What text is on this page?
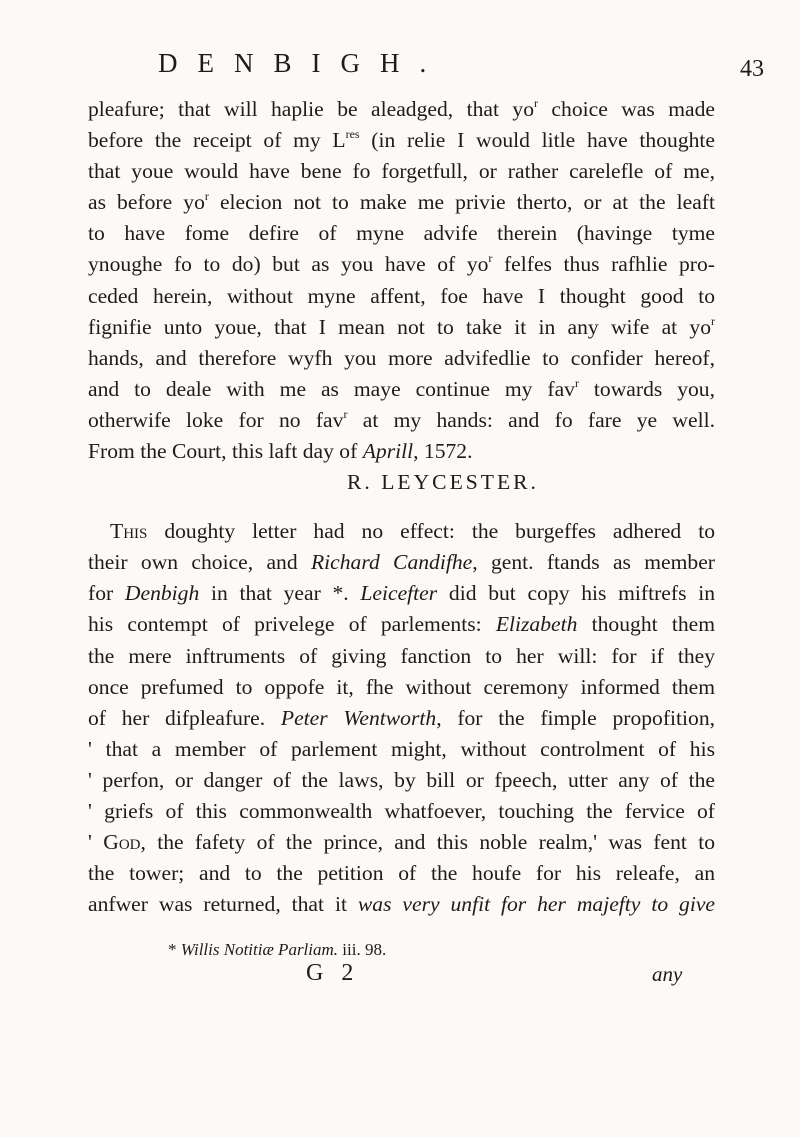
DENBIGH.	43
pleafure; that will haplie be aleadged, that $yo^r$ choice was made
before the receipt of my Lres (in relie I would litle have thoughte
that youe would have bene fo forgetfull, or rather carelefle of me,
as before $yo^r$ elecion not to make me privie therto, or at the leaft
to have fome defire of myne advife therein (havinge tyme
ynoughe fo to do) but as you have of $yo^r$ felfes thus rafhlie pro-
ceded herein, without myne affent, foe have I thought good to
fignifie unto youe, that I mean not to take it in any wife at $yo^r$
hands, and therefore wyfh you more advifedlie to confider hereof,
and to deale with me as maye continue my fav$^r$ towards you,
otherwife loke for no fav$^r$ at my hands: and fo fare ye well.
From the Court, this laft day of Aprill, 1572.
R. LEYCESTER.
This doughty letter had no effect: the burgeffes adhered to
their own choice, and Richard Candifhe, gent. ftands as member
for Denbigh in that year *. Leicefter did but copy his miftrefs in
his contempt of privelege of parlements: Elizabeth thought them
the mere inftruments of giving fanction to her will: for if they
once prefumed to oppofe it, fhe without ceremony informed them
of her difpleafure. Peter Wentworth, for the fimple propofition,
' that a member of parlement might, without controlment of his
' perfon, or danger of the laws, by bill or fpeech, utter any of the
' griefs of this commonwealth whatfoever, touching the fervice of
' God, the fafety of the prince, and this noble realm,' was fent to
the tower; and to the petition of the houfe for his releafe, an
anfwer was returned, that it was very unfit for her majefty to give
* Willis Notitiæ Parliam. iii. 98.
G 2	any
